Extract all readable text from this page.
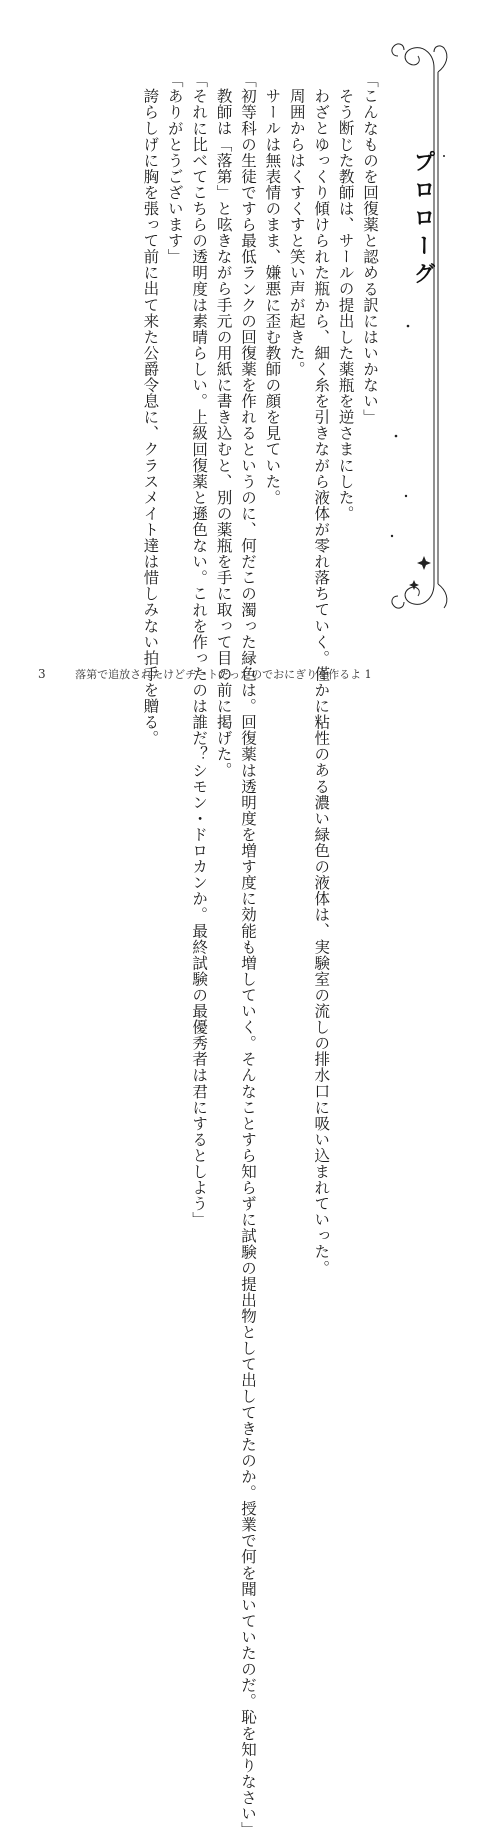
「こんなものを回復薬と認める訳にはいかない」

そう断じた教師は、サールの提出した薬瓶を逆さまにした。

わざとゆっくり傾けられた瓶から、細く糸を引きながら液体が零れ落ちていく。僅かに粘性のある濃い緑色の液体は、実験室の流しの排水口に吸い込まれていった。

周囲からはくすくすと笑い声が起きた。

サールは無表情のまま、嫌悪に歪む教師の顔を見ていた。

「初等科の生徒ですら最低ランクの回復薬を作れるというのに、何だこの濁った緑色は。回復薬は透明度を増す度に効能も増していく。そんなことすら知らずに試験の提出物として出してきたのか。授業で何を聞いていたのだ。恥を知りなさい」

教師は「落第」と呟きながら手元の用紙に書き込むと、別の薬瓶を手に取って目の前に掲げた。

「それに比べてこちらの透明度は素晴らしい。上級回復薬と遜色ない。これを作ったのは誰だ？シモン・ドロカンか。最終試験の最優秀者は君にするとしよう」

「ありがとうございます」

誇らしげに胸を張って前に出て来た公爵令息に、クラスメイト達は惜しみない拍手を贈る。	プロローグ
3	落第で追放されたけどチートだったのでおにぎりを作るよ 1
